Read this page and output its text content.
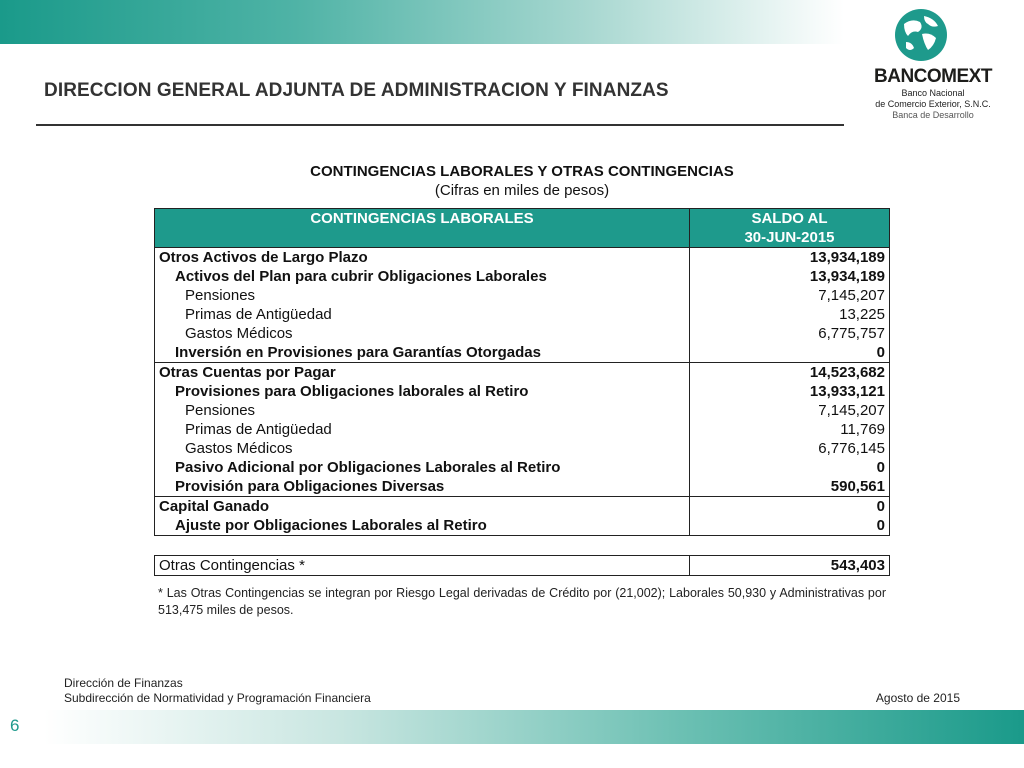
DIRECCION GENERAL ADJUNTA DE ADMINISTRACION Y FINANZAS
BANCOMEXT
Banco Nacional
de Comercio Exterior, S.N.C.
Banca de Desarrollo
CONTINGENCIAS LABORALES Y OTRAS CONTINGENCIAS
(Cifras en miles de pesos)
CONTINGENCIAS LABORALES	SALDO AL
30-JUN-2015

Otros Activos de Largo Plazo	13,934,189
Activos del Plan para cubrir Obligaciones Laborales	13,934,189
Pensiones	7,145,207
Primas de Antigüedad	13,225
Gastos Médicos	6,775,757
Inversión en Provisiones para Garantías Otorgadas	0
Otras Cuentas por Pagar	14,523,682
Provisiones para Obligaciones laborales al Retiro	13,933,121
Pensiones	7,145,207
Primas de Antigüedad	11,769
Gastos Médicos	6,776,145
Pasivo Adicional por Obligaciones Laborales al Retiro	0
Provisión para Obligaciones Diversas	590,561
Capital Ganado	0
Ajuste por Obligaciones Laborales al Retiro	0
Otras Contingencias *	543,403
* Las Otras Contingencias se integran por Riesgo Legal derivadas de Crédito por (21,002); Laborales 50,930 y Administrativas por 513,475 miles de pesos.
Dirección de Finanzas
Subdirección de Normatividad y Programación Financiera	Agosto de 2015
6
